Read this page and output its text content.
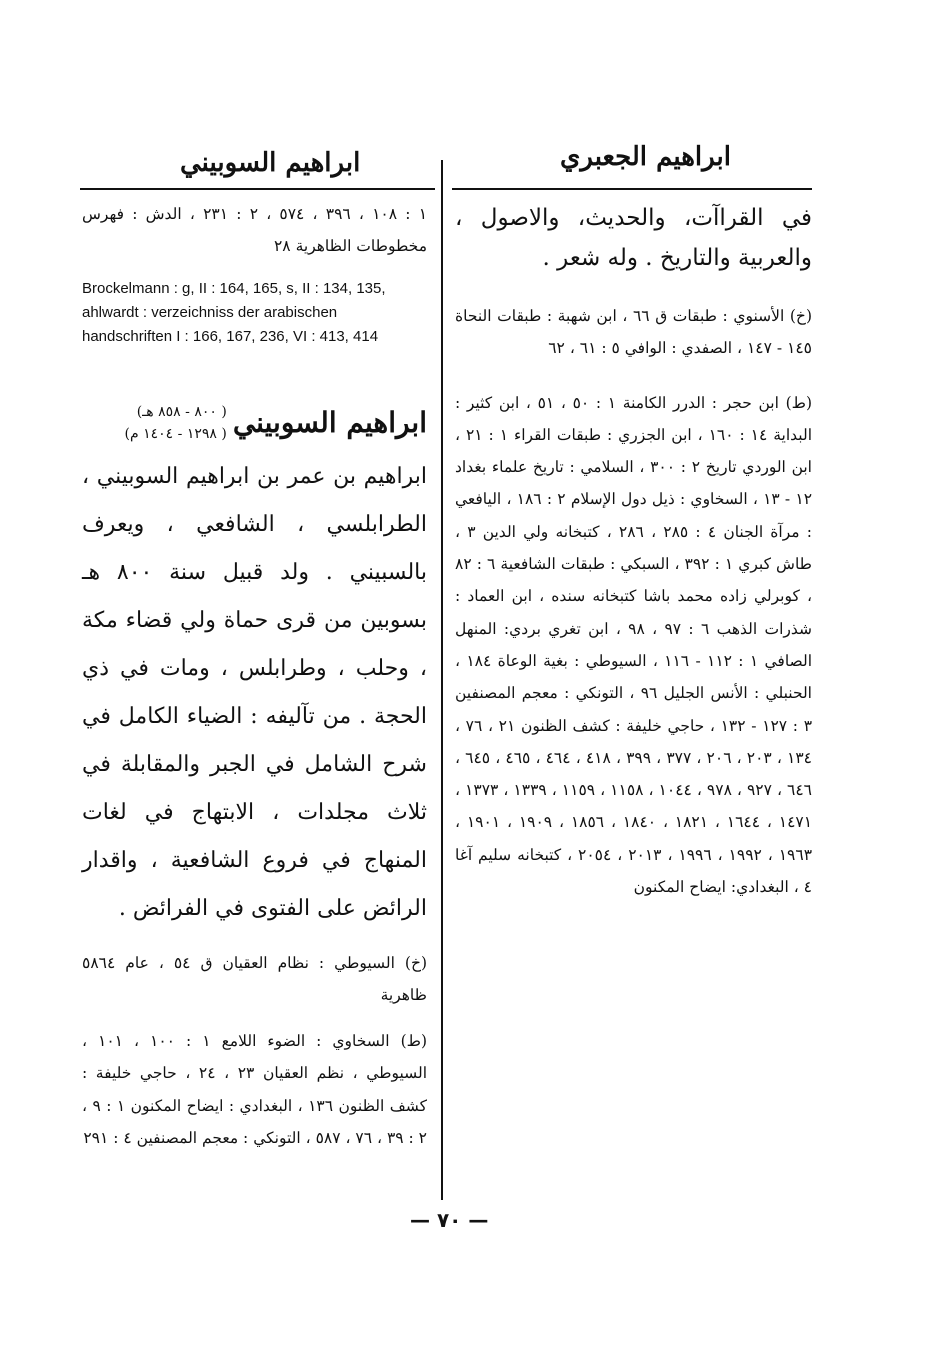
ابراهيم الجعبري
ابراهيم السوبيني

في القراآت، والحديث، والاصول ، والعربية والتاريخ . وله شعر .

(خ) الأسنوي : طبقات ق ٦٦ ، ابن شهبة : طبقات النحاة ١٤٥ - ١٤٧ ، الصفدي : الوافي ٥ : ٦١ ، ٦٢

(ط) ابن حجر : الدرر الكامنة ١ : ٥٠ ، ٥١ ، ابن كثير : البداية ١٤ : ١٦٠ ، ابن الجزري : طبقات القراء ١ : ٢١ ، ابن الوردي تاريخ ٢ : ٣٠٠ ، السلامي : تاريخ علماء بغداد ١٢ - ١٣ ، السخاوي : ذيل دول الإسلام ٢ : ١٨٦ ، اليافعي : مرآة الجنان ٤ : ٢٨٥ ، ٢٨٦ ، كتبخانه ولي الدين ٣ ، طاش كبري ١ : ٣٩٢ ، السبكي : طبقات الشافعية ٦ : ٨٢ ، كوبرلي زاده محمد باشا كتبخانه سنده ، ابن العماد : شذرات الذهب ٦ : ٩٧ ، ٩٨ ، ابن تغري بردي: المنهل الصافي ١ : ١١٢ - ١١٦ ، السيوطي : بغية الوعاة ١٨٤ ، الحنبلي : الأنس الجليل ٩٦ ، التونكي : معجم المصنفين ٣ : ١٢٧ - ١٣٢ ، حاجي خليفة : كشف الظنون ٢١ ، ٧٦ ، ١٣٤ ، ٢٠٣ ، ٢٠٦ ، ٣٧٧ ، ٣٩٩ ، ٤١٨ ، ٤٦٤ ، ٤٦٥ ، ٦٤٥ ، ٦٤٦ ، ٩٢٧ ، ٩٧٨ ، ١٠٤٤ ، ١١٥٨ ، ١١٥٩ ، ١٣٣٩ ، ١٣٧٣ ، ١٤٧١ ، ١٦٤٤ ، ١٨٢١ ، ١٨٤٠ ، ١٨٥٦ ، ١٩٠٩ ، ١٩٠١ ، ١٩٦٣ ، ١٩٩٢ ، ١٩٩٦ ، ٢٠١٣ ، ٢٠٥٤ ، كتبخانه سليم آغا ٤ ، البغدادي: ايضاح المكنون

١ : ١٠٨ ، ٣٩٦ ، ٥٧٤ ، ٢ : ٢٣١ ، الدش : فهرس مخطوطات الظاهرية ٢٨

Brockelmann : g, II : 164, 165, s, II : 134, 135, ahlwardt : verzeichniss der arabischen handschriften I : 166, 167, 236, VI : 413, 414

ابراهيم السوبيني
( ٨٠٠ - ٨٥٨ هـ)
( ١٢٩٨ - ١٤٠٤ م)

ابراهيم بن عمر بن ابراهيم السوبيني ، الطرابلسي ، الشافعي ، ويعرف بالسبيني . ولد قبيل سنة ٨٠٠ هـ بسوبين من قرى حماة ولي قضاء مكة ، وحلب ، وطرابلس ، ومات في ذي الحجة . من تآليفه : الضياء الكامل في شرح الشامل في الجبر والمقابلة في ثلاث مجلدات ، الابتهاج في لغات المنهاج في فروع الشافعية ، واقدار الرائض على الفتوى في الفرائض .

(خ) السيوطي : نظام العقيان ق ٥٤ ، عام ٥٨٦٤ ظاهرية

(ط) السخاوي : الضوء اللامع ١ : ١٠٠ ، ١٠١ ، السيوطي ، نظم العقيان ٢٣ ، ٢٤ ، حاجي خليفة : كشف الظنون ١٣٦ ، البغدادي : ايضاح المكنون ١ : ٩ ، ٢ : ٣٩ ، ٧٦ ، ٥٨٧ ، التونكي : معجم المصنفين ٤ : ٢٩١

— ٧٠ —
